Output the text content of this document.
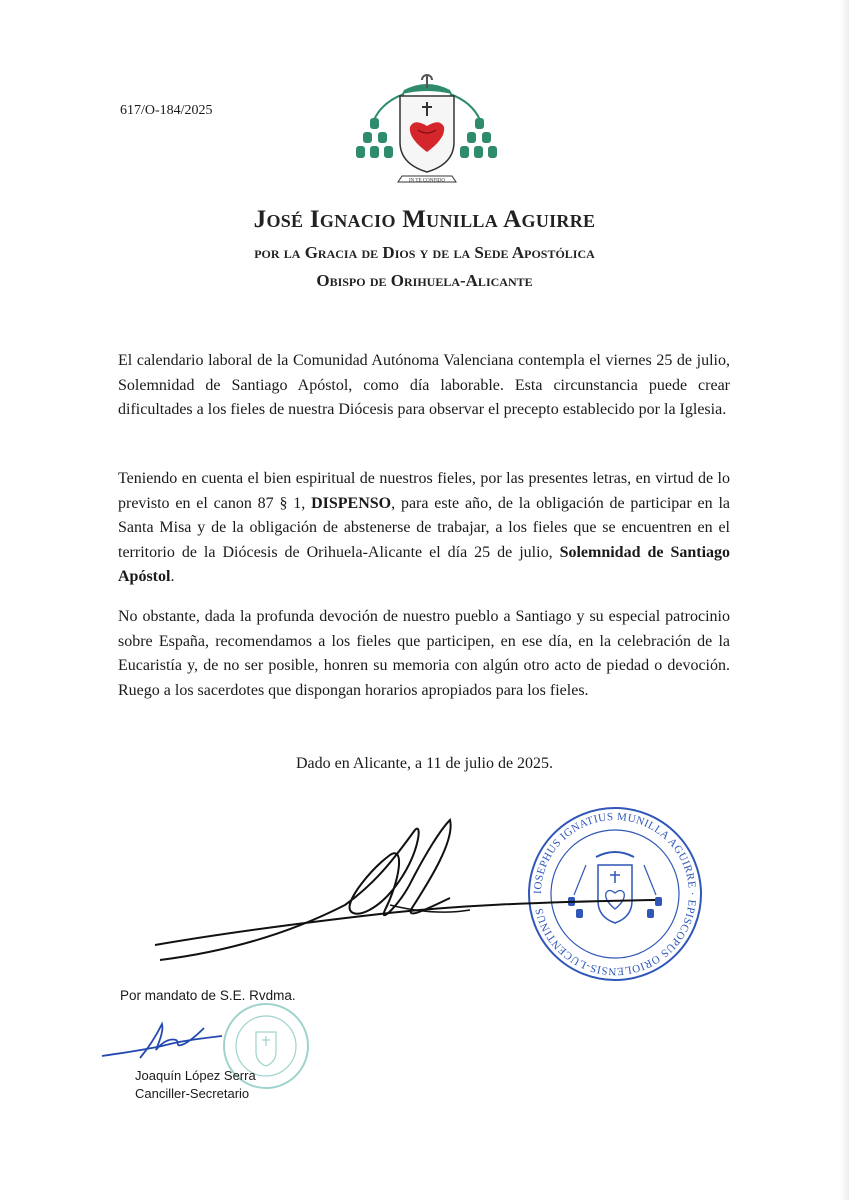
617/O-184/2025
IN TE CONFIDO
José Ignacio Munilla Aguirre
por la Gracia de Dios y de la Sede Apostólica
Obispo de Orihuela-Alicante
El calendario laboral de la Comunidad Autónoma Valenciana contempla el viernes 25 de julio, Solemnidad de Santiago Apóstol, como día laborable. Esta circunstancia puede crear dificultades a los fieles de nuestra Diócesis para observar el precepto establecido por la Iglesia.
Teniendo en cuenta el bien espiritual de nuestros fieles, por las presentes letras, en virtud de lo previsto en el canon 87 § 1, DISPENSO, para este año, de la obligación de participar en la Santa Misa y de la obligación de abstenerse de trabajar, a los fieles que se encuentren en el territorio de la Diócesis de Orihuela-Alicante el día 25 de julio, Solemnidad de Santiago Apóstol.
No obstante, dada la profunda devoción de nuestro pueblo a Santiago y su especial patrocinio sobre España, recomendamos a los fieles que participen, en ese día, en la celebración de la Eucaristía y, de no ser posible, honren su memoria con algún otro acto de piedad o devoción. Ruego a los sacerdotes que dispongan horarios apropiados para los fieles.
Dado en Alicante, a 11 de julio de 2025.
IOSEPHUS IGNATIUS MUNILLA AGUIRRE · EPISCOPUS ORIOLENSIS-LUCENTINUS
Por mandato de S.E. Rvdma.
Joaquín López Serra
Canciller-Secretario
